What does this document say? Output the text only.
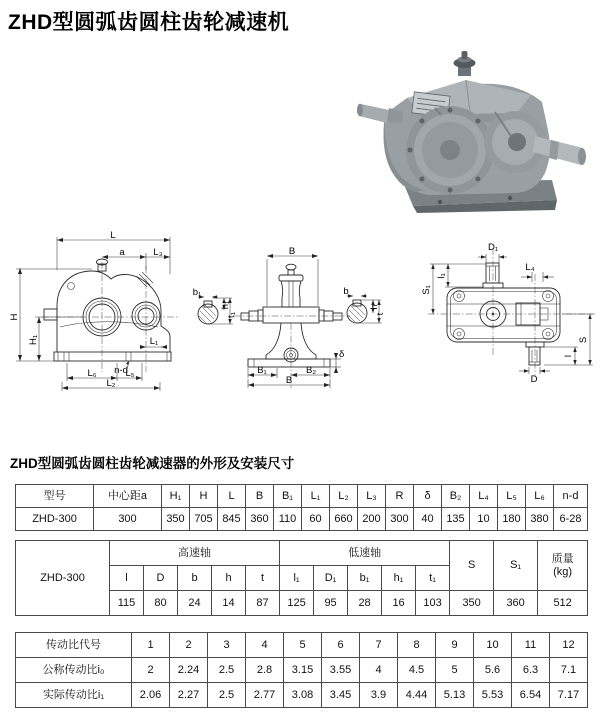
ZHD型圆弧齿圆柱齿轮减速机
L
a	L₃
H
H₁	L₁
n-d
L₆	L₅
L₂
b₁
h₁
t₁
b
h
t
B
B₁	B₂
B
δ
D₁
l₁
S₁
L₄
S
l
D
ZHD型圆弧齿圆柱齿轮减速器的外形及安装尺寸
型号	中心距a	H₁	H	L	B	B₁	L₁	L₂	L₃	R	δ	B₂	L₄	L₅	L₆	n-d
ZHD-300	300	350	705	845	360	110	60	660	200	300	40	135	10	180	380	6-28
ZHD-300	高速轴					低速轴					S	S₁	质量
(kg)

	l	D	b	h	t	l₁	D₁	b₁	h₁	t₁			
	115	80	24	14	87	125	95	28	16	103	350	360	512
传动比代号	1	2	3	4	5	6	7	8	9	10	11	12
公称传动比i₀	2	2.24	2.5	2.8	3.15	3.55	4	4.5	5	5.6	6.3	7.1
实际传动比i₁	2.06	2.27	2.5	2.77	3.08	3.45	3.9	4.44	5.13	5.53	6.54	7.17
